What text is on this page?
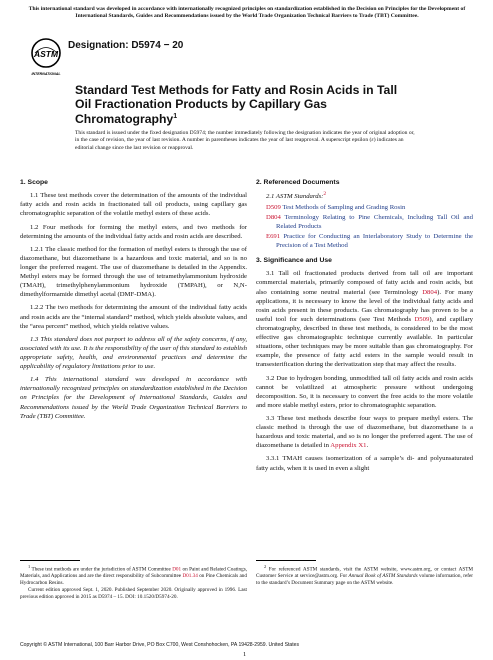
This international standard was developed in accordance with internationally recognized principles on standardization established in the Decision on Principles for the Development of International Standards, Guides and Recommendations issued by the World Trade Organization Technical Barriers to Trade (TBT) Committee.
ASTM
INTERNATIONAL
Designation: D5974 − 20
Standard Test Methods for Fatty and Rosin Acids in Tall Oil Fractionation Products by Capillary Gas Chromatography$^1$
This standard is issued under the fixed designation D5974; the number immediately following the designation indicates the year of original adoption or, in the case of revision, the year of last revision. A number in parentheses indicates the year of last reapproval. A superscript epsilon (ε) indicates an editorial change since the last revision or reapproval.
1. Scope

1.1 These test methods cover the determination of the amounts of the individual fatty acids and rosin acids in fractionated tall oil products, using capillary gas chromatographic separation of the volatile methyl esters of these acids.

1.2 Four methods for forming the methyl esters, and two methods for determining the amounts of the individual fatty acids and rosin acids are described.

1.2.1 The classic method for the formation of methyl esters is through the use of diazomethane, but diazomethane is a hazardous and toxic material, and so is no longer the preferred reagent. The use of diazomethane is detailed in the Appendix. Methyl esters may be formed through the use of tetramethylammonium hydroxide (TMAH), trimethylphenylammonium hydroxide (TMPAH), or N,N-dimethylformamide dimethyl acetal (DMF-DMA).

1.2.2 The two methods for determining the amount of the individual fatty acids and rosin acids are the “internal standard” method, which yields absolute values, and the “area percent” method, which yields relative values.

1.3 This standard does not purport to address all of the safety concerns, if any, associated with its use. It is the responsibility of the user of this standard to establish appropriate safety, health, and environmental practices and determine the applicability of regulatory limitations prior to use.

1.4 This international standard was developed in accordance with internationally recognized principles on standardization established in the Decision on Principles for the Development of International Standards, Guides and Recommendations issued by the World Trade Organization Technical Barriers to Trade (TBT) Committee.

2. Referenced Documents
2.1 ASTM Standards:$^2$
D509 Test Methods of Sampling and Grading Rosin
D804 Terminology Relating to Pine Chemicals, Including Tall Oil and Related Products
E691 Practice for Conducting an Interlaboratory Study to Determine the Precision of a Test Method
3. Significance and Use

3.1 Tall oil fractionated products derived from tall oil are important commercial materials, primarily composed of fatty acids and rosin acids, but also containing some neutral material (see Terminology D804). For many applications, it is necessary to know the level of the individual fatty acids and rosin acids present in these products. Gas chromatography has proven to be a useful tool for such determinations (see Test Methods D509), and capillary chromatography, described in these test methods, is considered to be the most effective gas chromatographic technique currently available. In particular situations, other techniques may be more suitable than gas chromatography. For example, the presence of fatty acid esters in the sample would result in transesterification during the derivatization step that may affect the results.

3.2 Due to hydrogen bonding, unmodified tall oil fatty acids and rosin acids cannot be volatilized at atmospheric pressure without undergoing decomposition. So, it is necessary to convert the free acids to the more volatile and more stable methyl esters, prior to chromatographic separation.

3.3 These test methods describe four ways to prepare methyl esters. The classic method is through the use of diazomethane, but diazomethane is a hazardous and toxic material, and so is no longer the preferred agent. The use of diazomethane is detailed in Appendix X1.

3.3.1 TMAH causes isomerization of a sample’s di- and polyunsaturated fatty acids, when it is used in even a slight

$^1$ These test methods are under the jurisdiction of ASTM Committee D01 on Paint and Related Coatings, Materials, and Applications and are the direct responsibility of Subcommittee D01.34 on Pine Chemicals and Hydrocarbon Resins.

Current edition approved Sept. 1, 2020. Published September 2020. Originally approved in 1996. Last previous edition approved in 2015 as D5974 – 15. DOI: 10.1520/D5974-20.

$^2$ For referenced ASTM standards, visit the ASTM website, www.astm.org, or contact ASTM Customer Service at service@astm.org. For Annual Book of ASTM Standards volume information, refer to the standard’s Document Summary page on the ASTM website.

Copyright © ASTM International, 100 Barr Harbor Drive, PO Box C700, West Conshohocken, PA 19428-2959. United States
1
